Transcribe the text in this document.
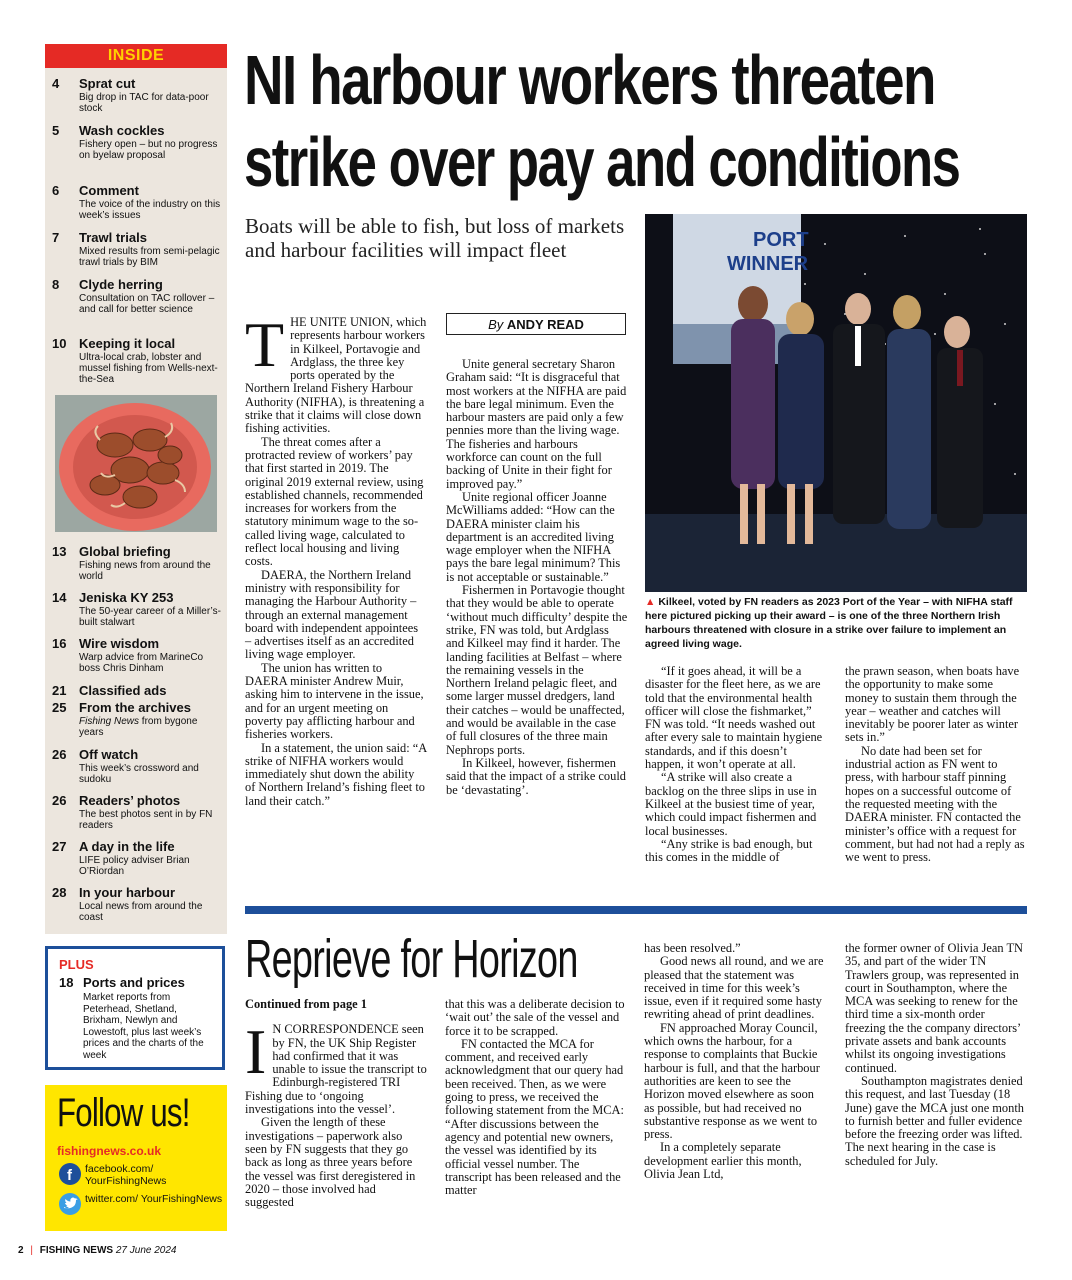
INSIDE
4	Sprat cut
Big drop in TAC for data-poor stock
5	Wash cockles
Fishery open – but no progress on byelaw proposal
6	Comment
The voice of the industry on this week’s issues
7	Trawl trials
Mixed results from semi-pelagic trawl trials by BIM
8	Clyde herring
Consultation on TAC rollover – and call for better science
10 Keeping it local
Ultra-local crab, lobster and mussel fishing from Wells-next-the-Sea
13 Global briefing
Fishing news from around the world
14 Jeniska KY 253
The 50-year career of a Miller’s-built stalwart
16 Wire wisdom
Warp advice from MarineCo boss Chris Dinham
21 Classified ads
25 From the archives
Fishing News from bygone years
26 Off watch
This week’s crossword and sudoku
26 Readers’ photos
The best photos sent in by FN readers
27 A day in the life
LIFE policy adviser Brian O’Riordan
28 In your harbour
Local news from around the coast
PLUS
18 Ports and prices
Market reports from Peterhead, Shetland, Brixham, Newlyn and Lowestoft, plus last week’s prices and the charts of the week
Follow us!
fishingnews.co.uk
f facebook.com/ YourFishingNews
twitter.com/ YourFishingNews
NI harbour workers threaten
strike over pay and conditions
Boats will be able to fish, but loss of markets and harbour facilities will impact fleet
By ANDY READ
PORT
WINNER
▲ Kilkeel, voted by FN readers as 2023 Port of the Year – with NIFHA staff here pictured picking up their award – is one of the three Northern Irish harbours threatened with closure in a strike over failure to implement an agreed living wage.

THE UNITE UNION, which represents harbour workers in Kilkeel, Portavogie and Ardglass, the three key ports operated by the Northern Ireland Fishery Harbour Authority (NIFHA), is threatening a strike that it claims will close down fishing activities.

The threat comes after a protracted review of workers’ pay that first started in 2019. The original 2019 external review, using established channels, recommended increases for workers from the statutory minimum wage to the so-called living wage, calculated to reflect local housing and living costs.

DAERA, the Northern Ireland ministry with responsibility for managing the Harbour Authority – through an external management board with independent appointees – advertises itself as an accredited living wage employer.

The union has written to DAERA minister Andrew Muir, asking him to intervene in the issue, and for an urgent meeting on poverty pay afflicting harbour and fisheries workers.

In a statement, the union said: “A strike of NIFHA workers would immediately shut down the ability of Northern Ireland’s fishing fleet to land their catch.”

Unite general secretary Sharon Graham said: “It is disgraceful that most workers at the NIFHA are paid the bare legal minimum. Even the harbour masters are paid only a few pennies more than the living wage. The fisheries and harbours workforce can count on the full backing of Unite in their fight for improved pay.”

Unite regional officer Joanne McWilliams added: “How can the DAERA minister claim his department is an accredited living wage employer when the NIFHA pays the bare legal minimum? This is not acceptable or sustainable.”

Fishermen in Portavogie thought that they would be able to operate ‘without much difficulty’ despite the strike, FN was told, but Ardglass and Kilkeel may find it harder. The landing facilities at Belfast – where the remaining vessels in the Northern Ireland pelagic fleet, and some larger mussel dredgers, land their catches – would be unaffected, and would be available in the case of full closures of the three main Nephrops ports.

In Kilkeel, however, fishermen said that the impact of a strike could be ‘devastating’.

“If it goes ahead, it will be a disaster for the fleet here, as we are told that the environmental health officer will close the fishmarket,” FN was told. “It needs washed out after every sale to maintain hygiene standards, and if this doesn’t happen, it won’t operate at all.

“A strike will also create a backlog on the three slips in use in Kilkeel at the busiest time of year, which could impact fishermen and local businesses.

“Any strike is bad enough, but this comes in the middle of

the prawn season, when boats have the opportunity to make some money to sustain them through the year – weather and catches will inevitably be poorer later as winter sets in.”

No date had been set for industrial action as FN went to press, with harbour staff pinning hopes on a successful outcome of the requested meeting with the DAERA minister. FN contacted the minister’s office with a request for comment, but had not had a reply as we went to press.

Reprieve for Horizon

Continued from page 1

I N CORRESPONDENCE seen by FN, the UK Ship Register had confirmed that it was unable to issue the transcript to Edinburgh-registered TRI Fishing due to ‘ongoing investigations into the vessel’.

Given the length of these investigations – paperwork also seen by FN suggests that they go back as long as three years before the vessel was first deregistered in 2020 – those involved had suggested

that this was a deliberate decision to ‘wait out’ the sale of the vessel and force it to be scrapped.

FN contacted the MCA for comment, and received early acknowledgment that our query had been received. Then, as we were going to press, we received the following statement from the MCA: “After discussions between the agency and potential new owners, the vessel was identified by its official vessel number. The transcript has been released and the matter

has been resolved.”

Good news all round, and we are pleased that the statement was received in time for this week’s issue, even if it required some hasty rewriting ahead of print deadlines.

FN approached Moray Council, which owns the harbour, for a response to complaints that Buckie harbour is full, and that the harbour authorities are keen to see the Horizon moved elsewhere as soon as possible, but had received no substantive response as we went to press.

In a completely separate development earlier this month, Olivia Jean Ltd,

the former owner of Olivia Jean TN 35, and part of the wider TN Trawlers group, was represented in court in Southampton, where the MCA was seeking to renew for the third time a six-month order freezing the the company directors’ private assets and bank accounts whilst its ongoing investigations continued.

Southampton magistrates denied this request, and last Tuesday (18 June) gave the MCA just one month to furnish better and fuller evidence before the freezing order was lifted. The next hearing in the case is scheduled for July.

2 | FISHING NEWS 27 June 2024
